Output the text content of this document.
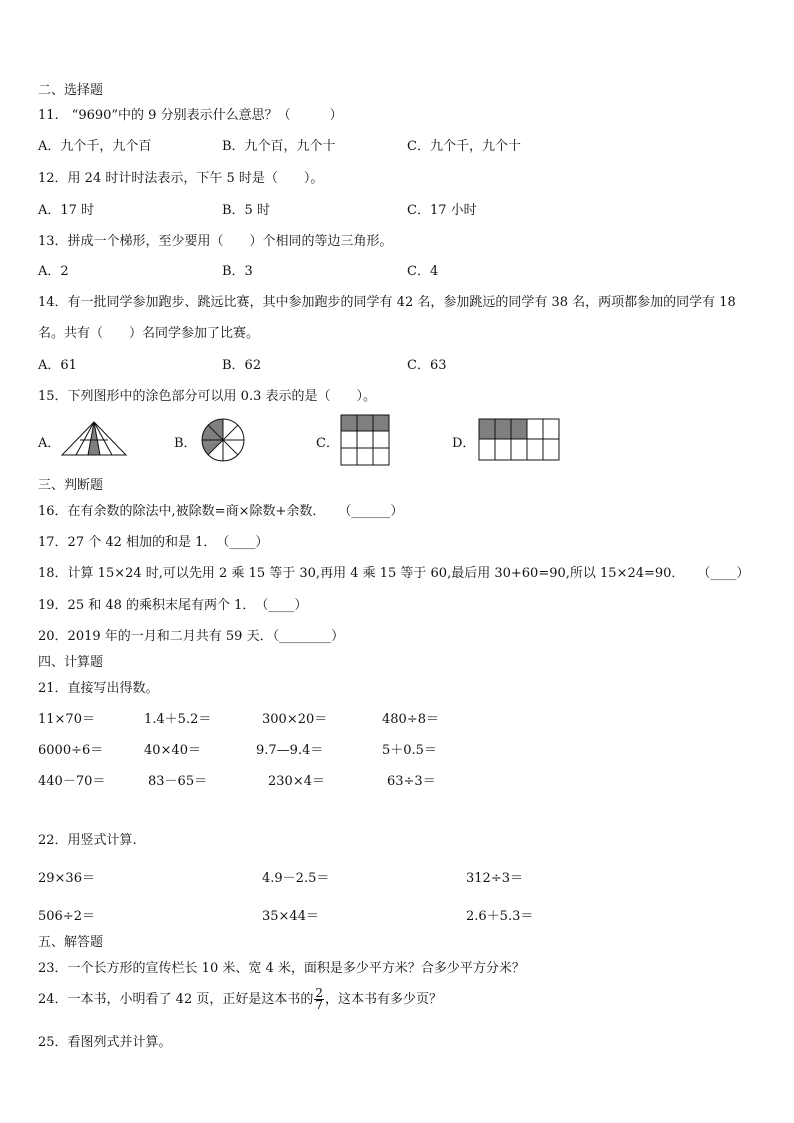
二、选择题
11.　“9690”中的 9 分别表示什么意思？（　　　）
A．九个千，九个百	B．九个百，九个十	C．九个千，九个十
12．用 24 时计时法表示，下午 5 时是（　　）。
A．17 时	B．5 时	C．17 小时
13．拼成一个梯形，至少要用（　　）个相同的等边三角形。
A．2	B．3	C．4
14．有一批同学参加跑步、跳远比赛，其中参加跑步的同学有 42 名，参加跳远的同学有 38 名，两项都参加的同学有 18
名。共有（　　）名同学参加了比赛。
A．61	B．62	C．63
15．下列图形中的涂色部分可以用 0.3 表示的是（　　）。
A．	B．	C．	D．
三、判断题
16．在有余数的除法中,被除数=商×除数+余数．　　（______）
17．27 个 42 相加的和是 1．　（____）
18．计算 15×24 时,可以先用 2 乘 15 等于 30,再用 4 乘 15 等于 60,最后用 30+60=90,所以 15×24=90．　　（____）
19．25 和 48 的乘积末尾有两个 1．　（____）
20．2019 年的一月和二月共有 59 天．（________）
四、计算题
21．直接写出得数。
11×70＝	1.4＋5.2＝	300×20＝	480÷8＝
6000÷6＝	40×40＝	9.7—9.4＝	5＋0.5＝
440－70＝	83－65＝	230×4＝	63÷3＝
22．用竖式计算.
29×36＝	4.9－2.5＝	312÷3＝
506÷2＝	35×44＝	2.6＋5.3＝
五、解答题
23．一个长方形的宣传栏长 10 米、宽 4 米，面积是多少平方米？合多少平方分米？
24．一本书，小明看了 42 页，正好是这本书的 $\frac{2}{7}$ ，这本书有多少页？
25．看图列式并计算。
